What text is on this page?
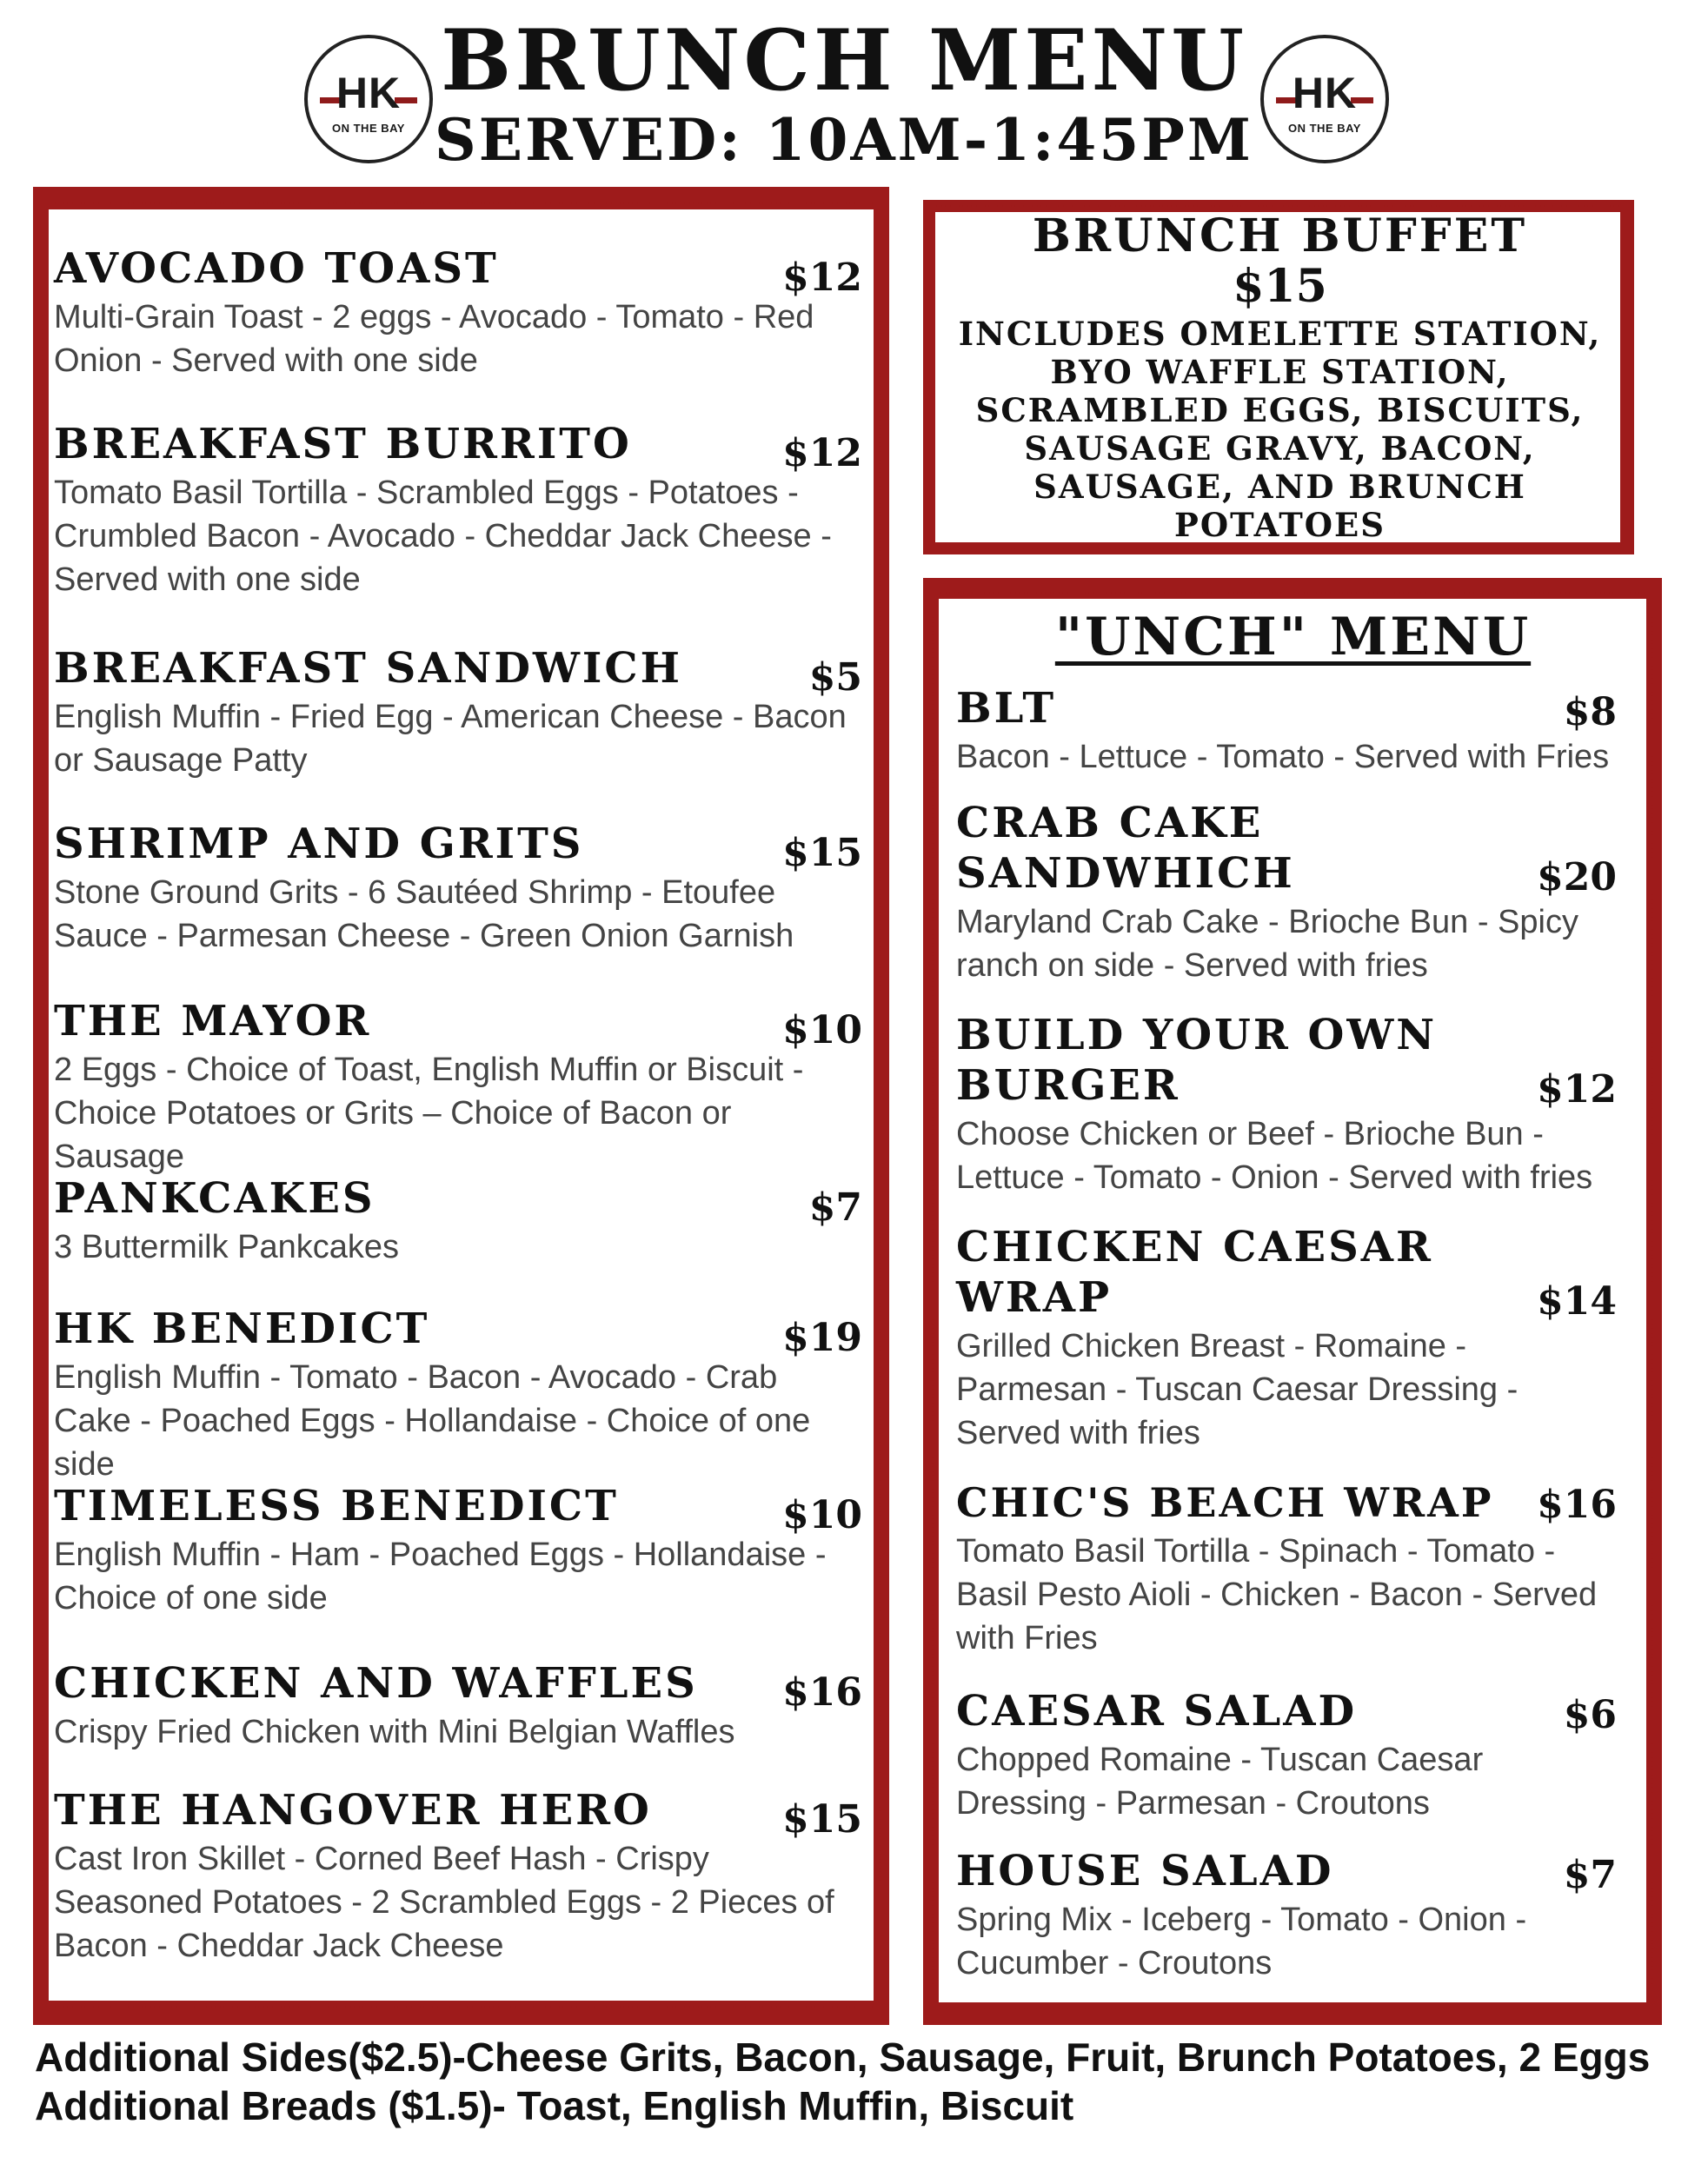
HK
ON THE BAY
BRUNCH MENU
SERVED: 10AM-1:45PM
HK
ON THE BAY
AVOCADO TOAST	$12
Multi-Grain Toast - 2 eggs - Avocado - Tomato - Red Onion - Served with one side
BREAKFAST BURRITO	$12
Tomato Basil Tortilla - Scrambled Eggs - Potatoes - Crumbled Bacon - Avocado - Cheddar Jack Cheese - Served with one side
BREAKFAST SANDWICH	$5
English Muffin - Fried Egg - American Cheese - Bacon or Sausage Patty
SHRIMP AND GRITS	$15
Stone Ground Grits - 6 Sautéed Shrimp - Etoufee Sauce - Parmesan Cheese - Green Onion Garnish
THE MAYOR	$10
2 Eggs - Choice of Toast, English Muffin or Biscuit - Choice Potatoes or Grits – Choice of Bacon or Sausage
PANKCAKES	$7
3 Buttermilk Pankcakes
HK BENEDICT	$19
English Muffin - Tomato - Bacon - Avocado - Crab Cake - Poached Eggs - Hollandaise - Choice of one side
TIMELESS BENEDICT	$10
English Muffin - Ham - Poached Eggs - Hollandaise - Choice of one side
CHICKEN AND WAFFLES	$16
Crispy Fried Chicken with Mini Belgian Waffles
THE HANGOVER HERO	$15
Cast Iron Skillet - Corned Beef Hash - Crispy Seasoned Potatoes - 2 Scrambled Eggs - 2 Pieces of Bacon - Cheddar Jack Cheese
BRUNCH BUFFET
$15
INCLUDES OMELETTE STATION, BYO WAFFLE STATION, SCRAMBLED EGGS, BISCUITS, SAUSAGE GRAVY, BACON, SAUSAGE, AND BRUNCH POTATOES
"UNCH" MENU
BLT	$8
Bacon - Lettuce - Tomato - Served with Fries
CRAB CAKE SANDWHICH	$20
Maryland Crab Cake - Brioche Bun - Spicy ranch on side - Served with fries
BUILD YOUR OWN BURGER	$12
Choose Chicken or Beef - Brioche Bun - Lettuce - Tomato - Onion - Served with fries
CHICKEN CAESAR WRAP	$14
Grilled Chicken Breast - Romaine - Parmesan - Tuscan Caesar Dressing - Served with fries
CHIC'S BEACH WRAP	$16
Tomato Basil Tortilla - Spinach - Tomato - Basil Pesto Aioli - Chicken - Bacon - Served with Fries
CAESAR SALAD	$6
Chopped Romaine - Tuscan Caesar Dressing - Parmesan - Croutons
HOUSE SALAD	$7
Spring Mix - Iceberg - Tomato - Onion - Cucumber - Croutons
Additional Sides($2.5)-Cheese Grits, Bacon, Sausage, Fruit, Brunch Potatoes, 2 Eggs
Additional Breads ($1.5)- Toast, English Muffin, Biscuit
